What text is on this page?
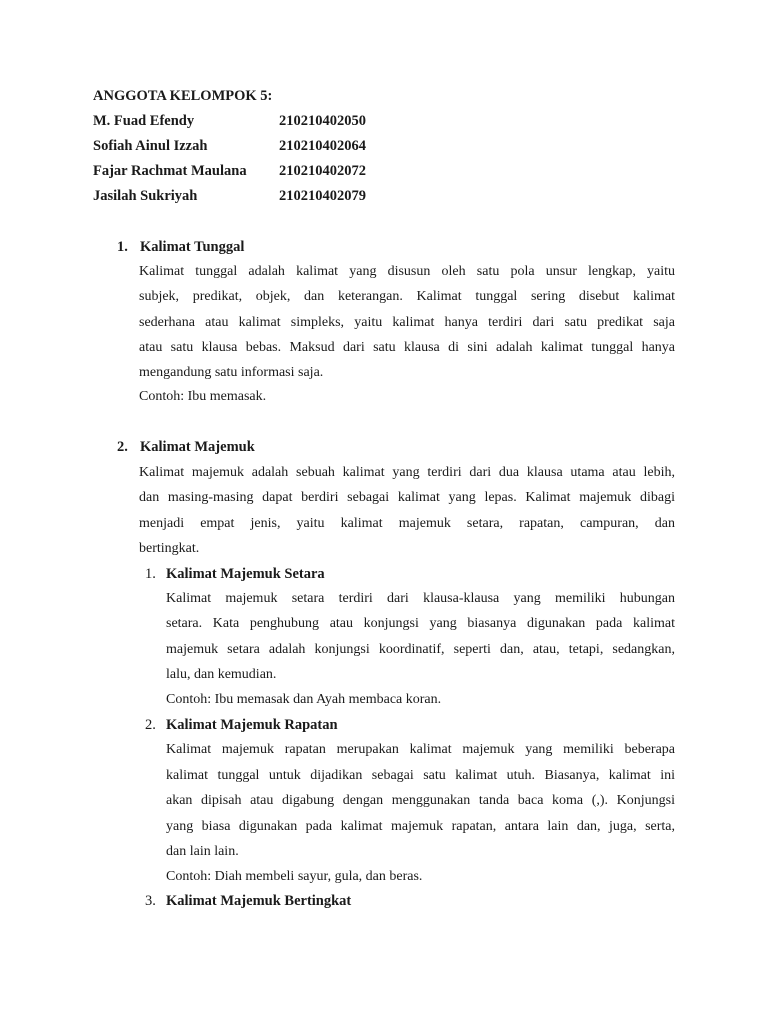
ANGGOTA KELOMPOK 5:
M. Fuad Efendy	210210402050
Sofiah Ainul Izzah	210210402064
Fajar Rachmat Maulana 210210402072
Jasilah Sukriyah	210210402079
1. Kalimat Tunggal
Kalimat tunggal adalah kalimat yang disusun oleh satu pola unsur lengkap, yaitu
subjek, predikat, objek, dan keterangan. Kalimat tunggal sering disebut kalimat
sederhana atau kalimat simpleks, yaitu kalimat hanya terdiri dari satu predikat saja
atau satu klausa bebas. Maksud dari satu klausa di sini adalah kalimat tunggal hanya
mengandung satu informasi saja.
Contoh: Ibu memasak.
2. Kalimat Majemuk
Kalimat majemuk adalah sebuah kalimat yang terdiri dari dua klausa utama atau lebih,
dan masing-masing dapat berdiri sebagai kalimat yang lepas. Kalimat majemuk dibagi
menjadi empat jenis, yaitu kalimat majemuk setara, rapatan, campuran, dan
bertingkat.
1. Kalimat Majemuk Setara
Kalimat majemuk setara terdiri dari klausa-klausa yang memiliki hubungan
setara. Kata penghubung atau konjungsi yang biasanya digunakan pada kalimat
majemuk setara adalah konjungsi koordinatif, seperti dan, atau, tetapi, sedangkan,
lalu, dan kemudian.
Contoh: Ibu memasak dan Ayah membaca koran.
2. Kalimat Majemuk Rapatan
Kalimat majemuk rapatan merupakan kalimat majemuk yang memiliki beberapa
kalimat tunggal untuk dijadikan sebagai satu kalimat utuh. Biasanya, kalimat ini
akan dipisah atau digabung dengan menggunakan tanda baca koma (,). Konjungsi
yang biasa digunakan pada kalimat majemuk rapatan, antara lain dan, juga, serta,
dan lain lain.
Contoh: Diah membeli sayur, gula, dan beras.
3. Kalimat Majemuk Bertingkat
